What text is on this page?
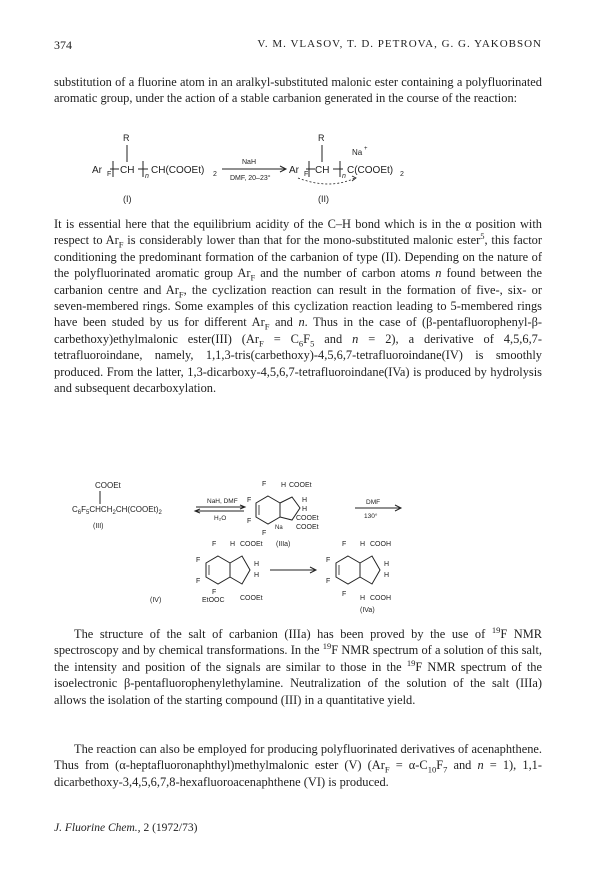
374	V. M. VLASOV, T. D. PETROVA, G. G. YAKOBSON

substitution of a fluorine atom in an aralkyl-substituted malonic ester containing a polyfluorinated aromatic group, under the action of a stable carbanion generated in the course of the reaction:

R
Ar F CH
n
CH(COOEt) 2
NaH
DMF, 20–23°
R
Na +
Ar F CH
n
C(COOEt) 2
(I)	(II)

It is essential here that the equilibrium acidity of the C–H bond which is in the α position with respect to $Ar_F$ is considerably lower than that for the mono-substituted malonic ester$^5$, this factor conditioning the predominant formation of the carbanion of type (II). Depending on the nature of the polyfluorinated aromatic group $Ar_F$ and the number of carbon atoms n found between the carbanion centre and $Ar_F$, the cyclization reaction can result in the formation of five-, six- or seven-membered rings. Some examples of this cyclization reaction leading to 5-membered rings have been studed by us for different $Ar_F$ and n. Thus in the case of (β-pentafluorophenyl-β-carbethoxy)ethylmalonic ester(III) ($Ar_F = C_6F_5$ and n = 2), a derivative of 4,5,6,7-tetrafluoroindane, namely, 1,1,3-tris(carbethoxy)-4,5,6,7-tetrafluoroindane(IV) is smoothly produced. From the latter, 1,3-dicarboxy-4,5,6,7-tetrafluoroindane(IVa) is produced by hydrolysis and subsequent decarboxylation.

COOEt
$C_6F_5CHCH_2CH(COOEt)_2$
(III)
NaH, DMF
H₂O
F
F
F
F
H COOEt
H
H
COOEt
Na COOEt
(IIIa)
DMF
130°
F
F
F
F
H COOEt
H
H
EtOOC COOEt
(IV)
F
F
F
F
H COOH
H
H
H COOH
(IVa)

The structure of the salt of carbanion (IIIa) has been proved by the use of $^{19}$F NMR spectroscopy and by chemical transformations. In the $^{19}$F NMR spectrum of a solution of this salt, the intensity and position of the signals are similar to those in the $^{19}$F NMR spectrum of the isoelectronic β-pentafluorophenylethylamine. Neutralization of the solution of the salt (IIIa) allows the isolation of the starting compound (III) in a quantitative yield.

The reaction can also be employed for producing polyfluorinated derivatives of acenaphthene. Thus from (α-heptafluoronaphthyl)methylmalonic ester (V) ($Ar_F = \alpha-C_{10}F_7$ and n = 1), 1,1-dicarbethoxy-3,4,5,6,7,8-hexafluoroacenaphthene (VI) is produced.

J. Fluorine Chem., 2 (1972/73)
